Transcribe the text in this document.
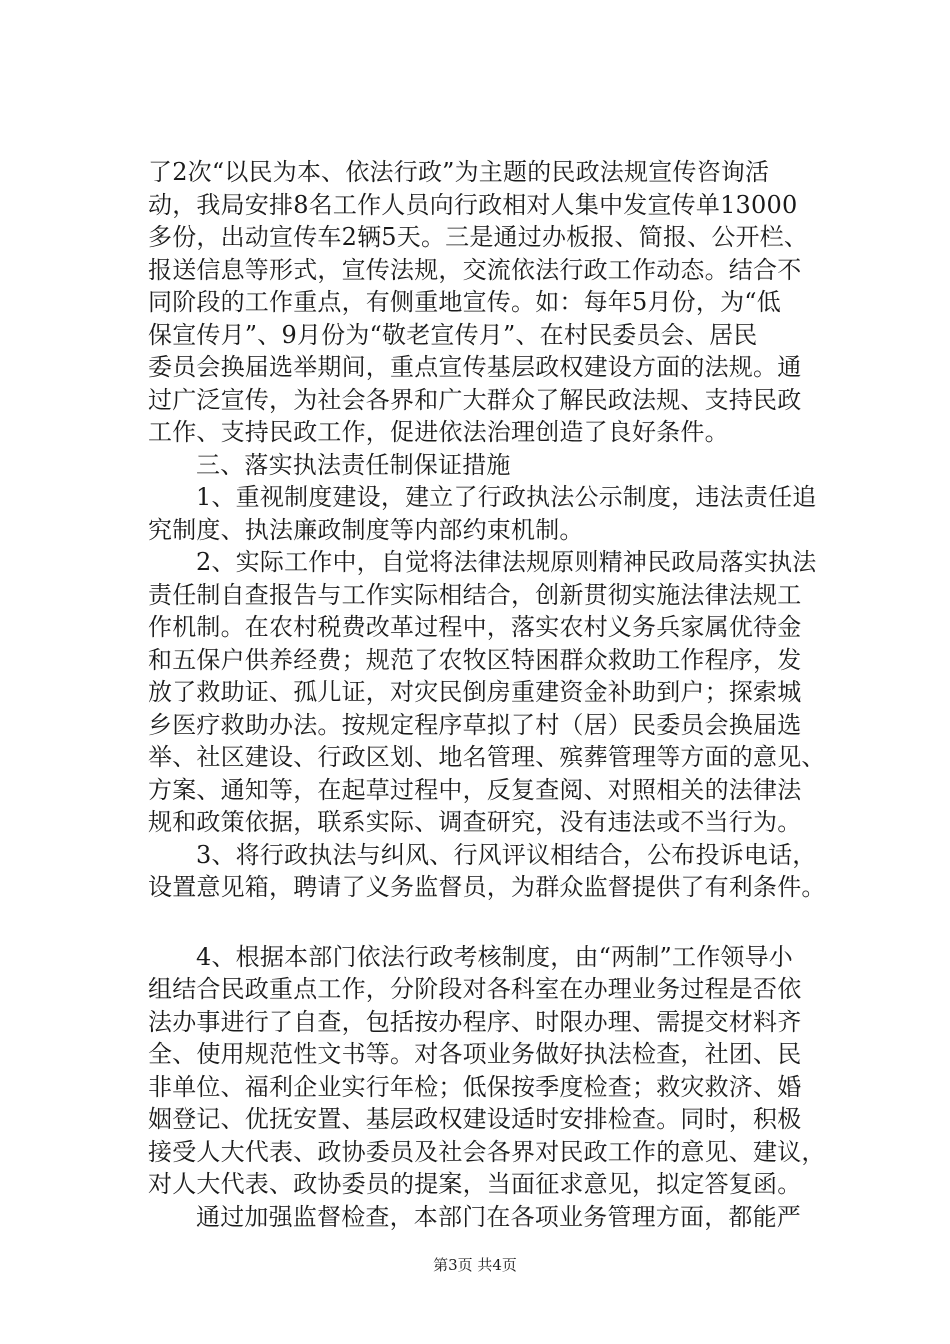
了2次“以民为本、依法行政”为主题的民政法规宣传咨询活
动，我局安排8名工作人员向行政相对人集中发宣传单13000
多份，出动宣传车2辆5天。三是通过办板报、简报、公开栏、
报送信息等形式，宣传法规，交流依法行政工作动态。结合不
同阶段的工作重点，有侧重地宣传。如：每年5月份，为“低
保宣传月”、9月份为“敬老宣传月”、在村民委员会、居民
委员会换届选举期间，重点宣传基层政权建设方面的法规。通
过广泛宣传，为社会各界和广大群众了解民政法规、支持民政
工作、支持民政工作，促进依法治理创造了良好条件。
三、落实执法责任制保证措施
1、重视制度建设，建立了行政执法公示制度，违法责任追
究制度、执法廉政制度等内部约束机制。
2、实际工作中，自觉将法律法规原则精神民政局落实执法
责任制自查报告与工作实际相结合，创新贯彻实施法律法规工
作机制。在农村税费改革过程中，落实农村义务兵家属优待金
和五保户供养经费；规范了农牧区特困群众救助工作程序，发
放了救助证、孤儿证，对灾民倒房重建资金补助到户；探索城
乡医疗救助办法。按规定程序草拟了村（居）民委员会换届选
举、社区建设、行政区划、地名管理、殡葬管理等方面的意见、
方案、通知等，在起草过程中，反复查阅、对照相关的法律法
规和政策依据，联系实际、调查研究，没有违法或不当行为。
3、将行政执法与纠风、行风评议相结合，公布投诉电话，
设置意见箱，聘请了义务监督员，为群众监督提供了有利条件。
4、根据本部门依法行政考核制度，由“两制”工作领导小
组结合民政重点工作，分阶段对各科室在办理业务过程是否依
法办事进行了自查，包括按办程序、时限办理、需提交材料齐
全、使用规范性文书等。对各项业务做好执法检查，社团、民
非单位、福利企业实行年检；低保按季度检查；救灾救济、婚
姻登记、优抚安置、基层政权建设适时安排检查。同时，积极
接受人大代表、政协委员及社会各界对民政工作的意见、建议，
对人大代表、政协委员的提案，当面征求意见，拟定答复函。
通过加强监督检查，本部门在各项业务管理方面，都能严
第3页 共4页
